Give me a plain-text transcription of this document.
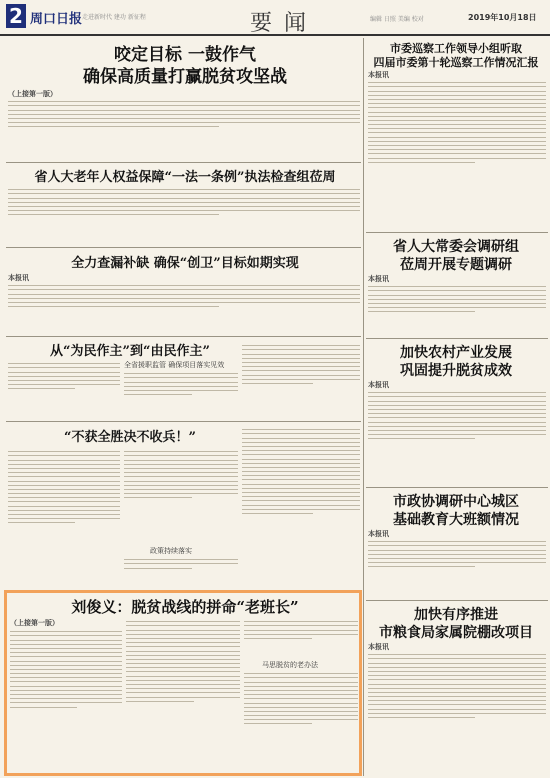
2 周口日报 走进新时代 建功 新征程	要闻	编辑 日照 美编 校对	2019年10月18日
咬定目标 一鼓作气
确保高质量打赢脱贫攻坚战
（上接第一版）
省人大老年人权益保障“一法一条例”执法检查组莅周
全力查漏补缺 确保“创卫”目标如期实现
本报讯
从“为民作主”到“由民作主”
全省援职监管 确保项目落实见效
“不获全胜决不收兵！”
政策持续落实
刘俊义：脱贫战线的拼命“老班长”
（上接第一版）
马思脱贫的老办法
市委巡察工作领导小组听取
四届市委第十轮巡察工作情况汇报
本报讯
省人大常委会调研组
莅周开展专题调研
本报讯
加快农村产业发展
巩固提升脱贫成效
本报讯
市政协调研中心城区
基础教育大班额情况
本报讯
加快有序推进
市粮食局家属院棚改项目
本报讯
